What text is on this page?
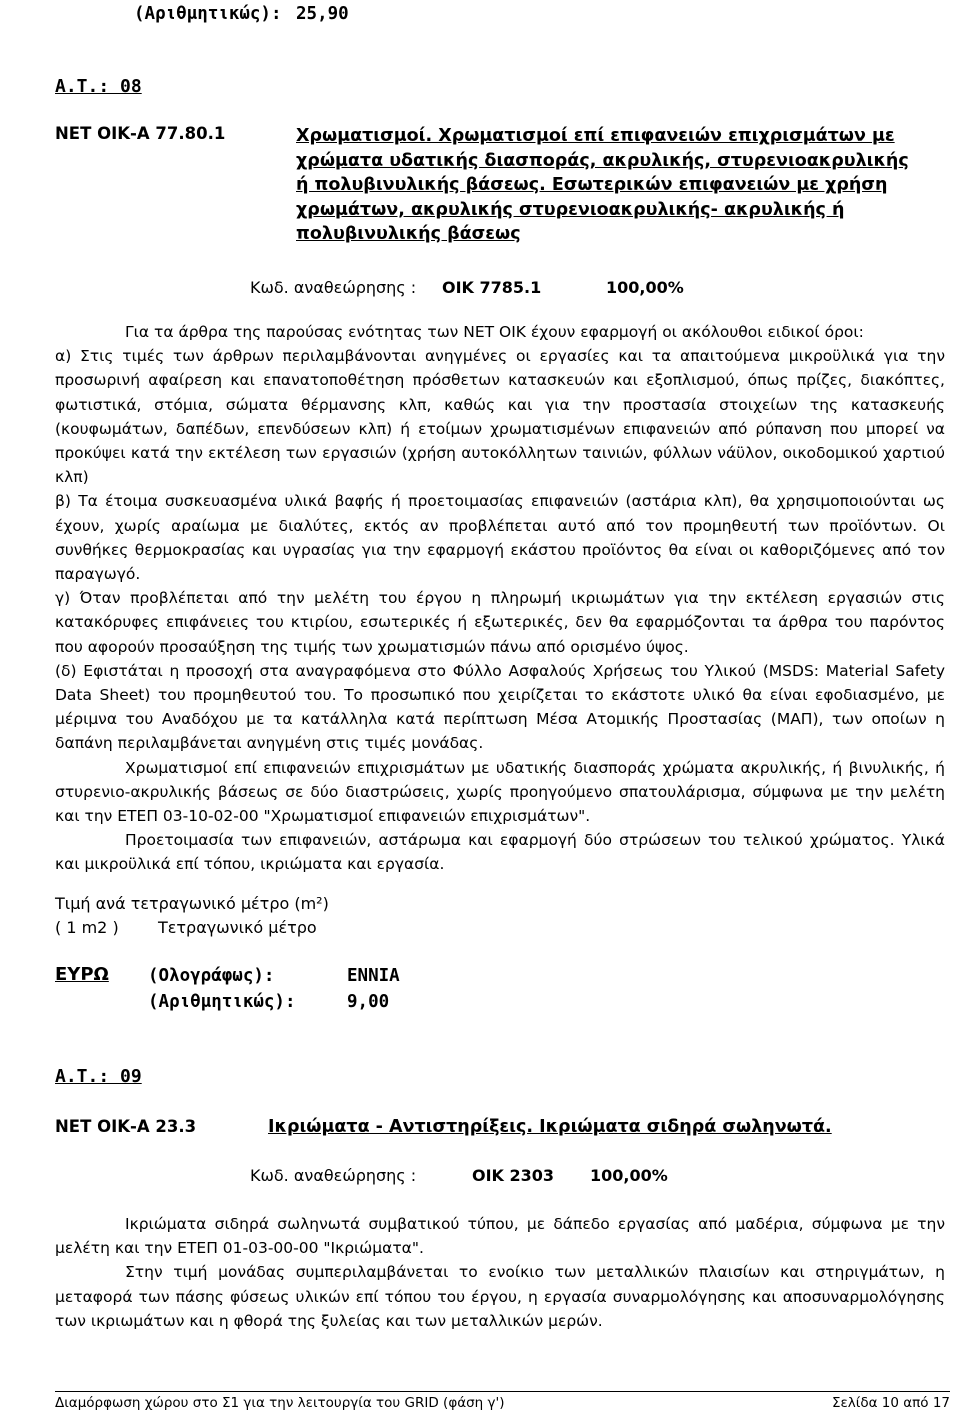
(Αριθμητικώς): 25,90
Α.Τ.: 08
ΝΕΤ ΟΙΚ-Α 77.80.1	Χρωματισμοί. Χρωματισμοί επί επιφανειών επιχρισμάτων με
χρώματα υδατικής διασποράς, ακρυλικής, στυρενιοακρυλικής
ή πολυβινυλικής βάσεως. Εσωτερικών επιφανειών με χρήση
χρωμάτων, ακρυλικής στυρενιοακρυλικής- ακρυλικής ή
πολυβινυλικής βάσεως
Κωδ. αναθεώρησης : ΟΙΚ 7785.1	100,00%

Για τα άρθρα της παρούσας ενότητας των ΝΕΤ ΟΙΚ έχουν εφαρμογή οι ακόλουθοι ειδικοί όροι:

α) Στις τιμές των άρθρων περιλαμβάνονται ανηγμένες οι εργασίες και τα απαιτούμενα μικροϋλικά για την προσωρινή αφαίρεση και επανατοποθέτηση πρόσθετων κατασκευών και εξοπλισμού, όπως πρίζες, διακόπτες, φωτιστικά, στόμια, σώματα θέρμανσης κλπ, καθώς και για την προστασία στοιχείων της κατασκευής (κουφωμάτων, δαπέδων, επενδύσεων κλπ) ή ετοίμων χρωματισμένων επιφανειών από ρύπανση που μπορεί να προκύψει κατά την εκτέλεση των εργασιών (χρήση αυτοκόλλητων ταινιών, φύλλων νάϋλον, οικοδομικού χαρτιού κλπ)

β) Τα έτοιμα συσκευασμένα υλικά βαφής ή προετοιμασίας επιφανειών (αστάρια κλπ), θα χρησιμοποιούνται ως έχουν, χωρίς αραίωμα με διαλύτες, εκτός αν προβλέπεται αυτό από τον προμηθευτή των προϊόντων. Οι συνθήκες θερμοκρασίας και υγρασίας για την εφαρμογή εκάστου προϊόντος θα είναι οι καθοριζόμενες από τον παραγωγό.

γ) Όταν προβλέπεται από την μελέτη του έργου η πληρωμή ικριωμάτων για την εκτέλεση εργασιών στις κατακόρυφες επιφάνειες του κτιρίου, εσωτερικές ή εξωτερικές, δεν θα εφαρμόζονται τα άρθρα του παρόντος που αφορούν προσαύξηση της τιμής των χρωματισμών πάνω από ορισμένο ύψος.

(δ) Εφιστάται η προσοχή στα αναγραφόμενα στο Φύλλο Ασφαλούς Χρήσεως του Υλικού (MSDS: Material Safety Data Sheet) του προμηθευτού του. Το προσωπικό που χειρίζεται το εκάστοτε υλικό θα είναι εφοδιασμένο, με μέριμνα του Αναδόχου με τα κατάλληλα κατά περίπτωση Μέσα Ατομικής Προστασίας (ΜΑΠ), των οποίων η δαπάνη περιλαμβάνεται ανηγμένη στις τιμές μονάδας.

Χρωματισμοί επί επιφανειών επιχρισμάτων με υδατικής διασποράς χρώματα ακρυλικής, ή βινυλικής, ή στυρενιο-ακρυλικής βάσεως σε δύο διαστρώσεις, χωρίς προηγούμενο σπατουλάρισμα, σύμφωνα με την μελέτη και την ΕΤΕΠ 03-10-02-00 "Χρωματισμοί επιφανειών επιχρισμάτων".

Προετοιμασία των επιφανειών, αστάρωμα και εφαρμογή δύο στρώσεων του τελικού χρώματος. Υλικά και μικροϋλικά επί τόπου, ικριώματα και εργασία.

Τιμή ανά τετραγωνικό μέτρο (m²)
( 1 m2 ) Τετραγωνικό μέτρο
ΕΥΡΩ (Ολογράφως):	ΕΝΝΙΑ
(Αριθμητικώς):	9,00
Α.Τ.: 09
ΝΕΤ ΟΙΚ-Α 23.3	Ικριώματα - Αντιστηρίξεις. Ικριώματα σιδηρά σωληνωτά.
Κωδ. αναθεώρησης :	ΟΙΚ 2303 100,00%

Ικριώματα σιδηρά σωληνωτά συμβατικού τύπου, με δάπεδο εργασίας από μαδέρια, σύμφωνα με την μελέτη και την ΕΤΕΠ 01-03-00-00 "Ικριώματα".

Στην τιμή μονάδας συμπεριλαμβάνεται το ενοίκιο των μεταλλικών πλαισίων και στηριγμάτων, η μεταφορά των πάσης φύσεως υλικών επί τόπου του έργου, η εργασία συναρμολόγησης και αποσυναρμολόγησης των ικριωμάτων και η φθορά της ξυλείας και των μεταλλικών μερών.

Διαμόρφωση χώρου στο Σ1 για την λειτουργία του GRID (φάση γ')	Σελίδα 10 από 17
